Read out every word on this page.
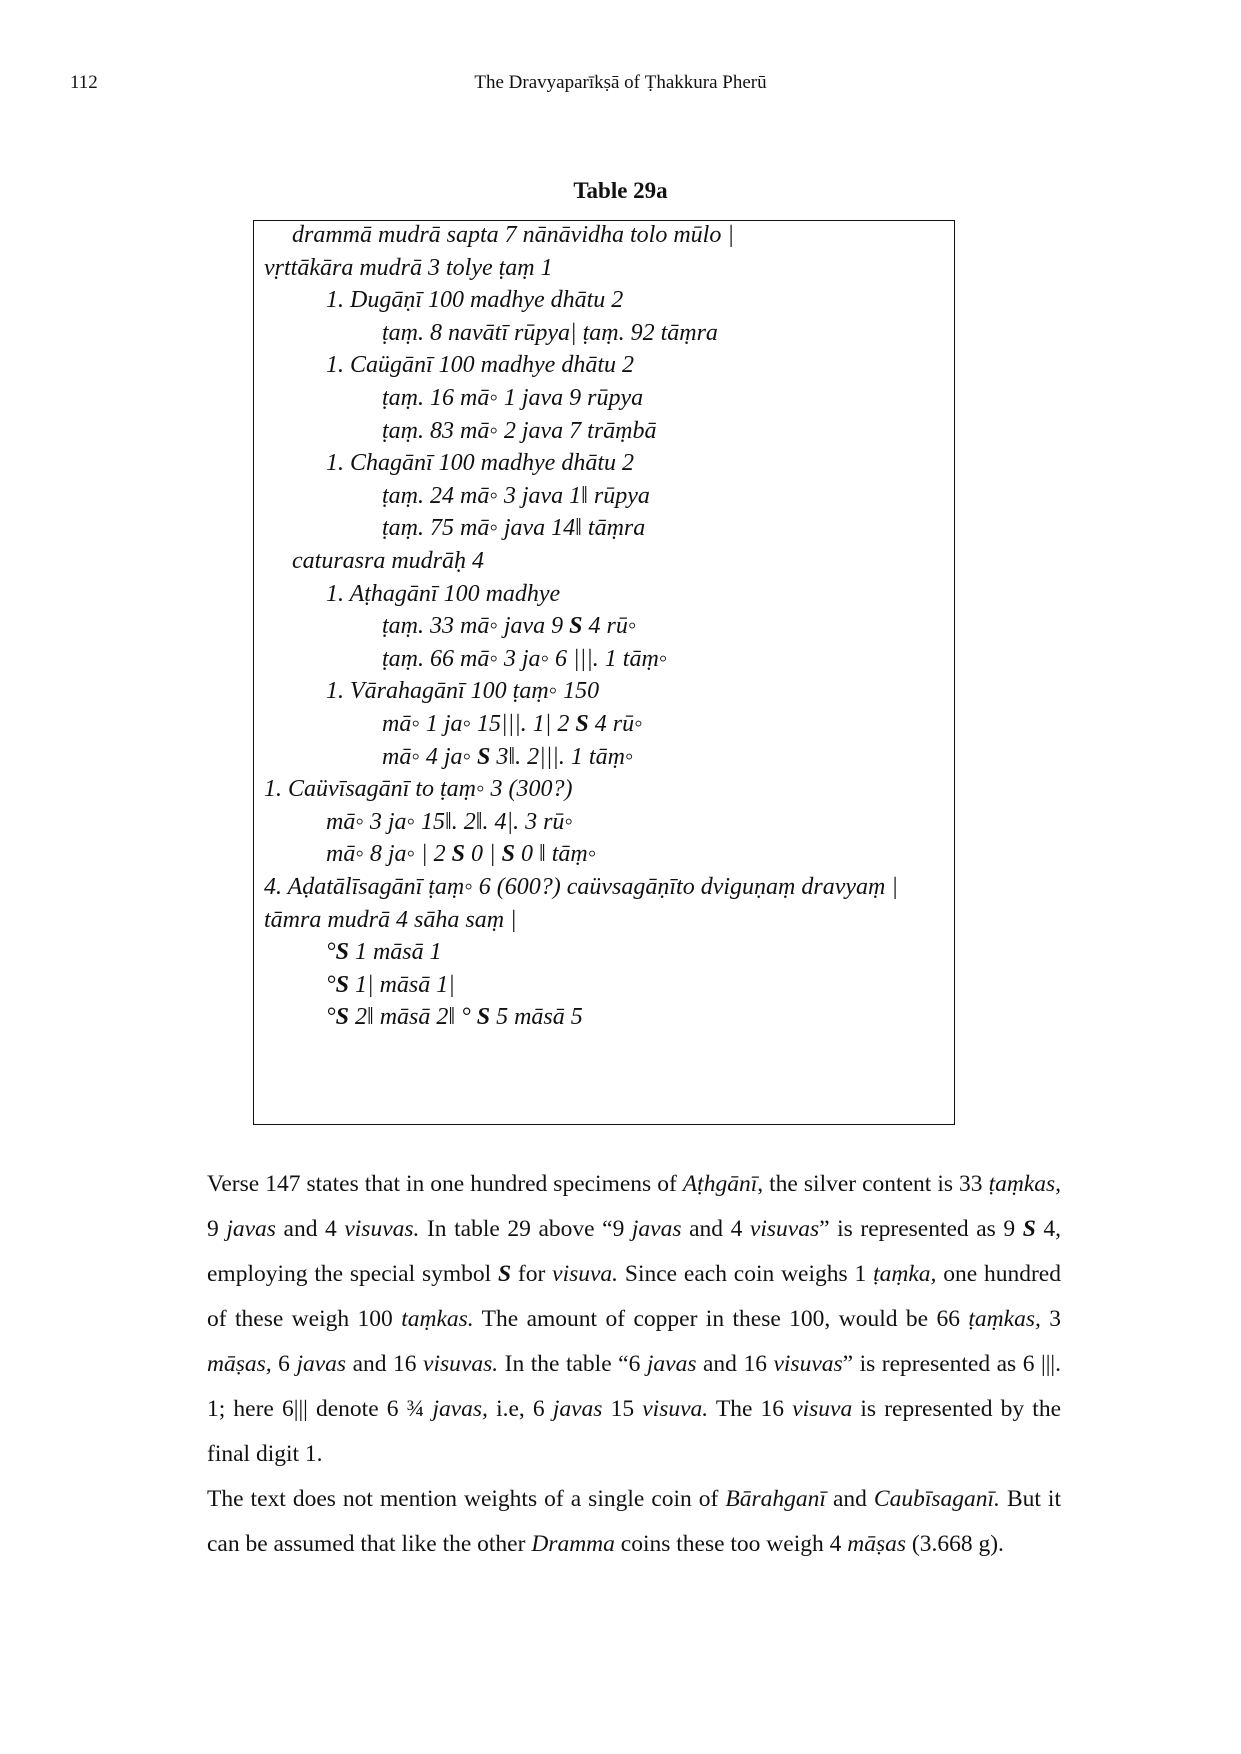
112	The Dravyaparīkṣā of Ṭhakkura Pherū
Table 29a
drammā mudrā sapta 7 nānāvidha tolo mūlo |
vṛttākāra mudrā 3 tolye ṭaṃ 1
1. Dugāṇī 100 madhye dhātu 2
ṭaṃ. 8 navātī rūpya| ṭaṃ. 92 tāṃra
1. Caügānī 100 madhye dhātu 2
ṭaṃ. 16 mā◦ 1 java 9 rūpya
ṭaṃ. 83 mā◦ 2 java 7 trāṃbā
1. Chagānī 100 madhye dhātu 2
ṭaṃ. 24 mā◦ 3 java 1‖ rūpya
ṭaṃ. 75 mā◦ java 14‖ tāṃra
caturasra mudrāḥ 4
1. Aṭhagānī 100 madhye
ṭaṃ. 33 mā◦ java 9 S 4 rū◦
ṭaṃ. 66 mā◦ 3 ja◦ 6 |||. 1 tāṃ◦
1. Vārahagānī 100 ṭaṃ◦ 150
mā◦ 1 ja◦ 15|||. 1| 2 S 4 rū◦
mā◦ 4 ja◦ S 3‖. 2|||. 1 tāṃ◦
1. Caüvīsagānī to ṭaṃ◦ 3 (300?)
mā◦ 3 ja◦ 15‖. 2‖. 4|. 3 rū◦
mā◦ 8 ja◦ | 2 S 0 | S 0 ‖ tāṃ◦
4. Aḍatālīsagānī ṭaṃ◦ 6 (600?) caüvsagāṇīto dviguṇaṃ dravyaṃ |
tāmra mudrā 4 sāha saṃ |
°S 1 māsā 1
°S 1| māsā 1|
°S 2‖ māsā 2‖ ° S 5 māsā 5

Verse 147 states that in one hundred specimens of Aṭhgānī, the silver content is 33 ṭaṃkas, 9 javas and 4 visuvas. In table 29 above “9 javas and 4 visuvas” is represented as 9 S 4, employing the special symbol S for visuva. Since each coin weighs 1 ṭaṃka, one hundred of these weigh 100 taṃkas. The amount of copper in these 100, would be 66 ṭaṃkas, 3 māṣas, 6 javas and 16 visuvas. In the table “6 javas and 16 visuvas” is represented as 6 |||. 1; here 6||| denote 6 ¾ javas, i.e, 6 javas 15 visuva. The 16 visuva is represented by the final digit 1.

The text does not mention weights of a single coin of Bārahganī and Caubīsaganī. But it can be assumed that like the other Dramma coins these too weigh 4 māṣas (3.668 g).
